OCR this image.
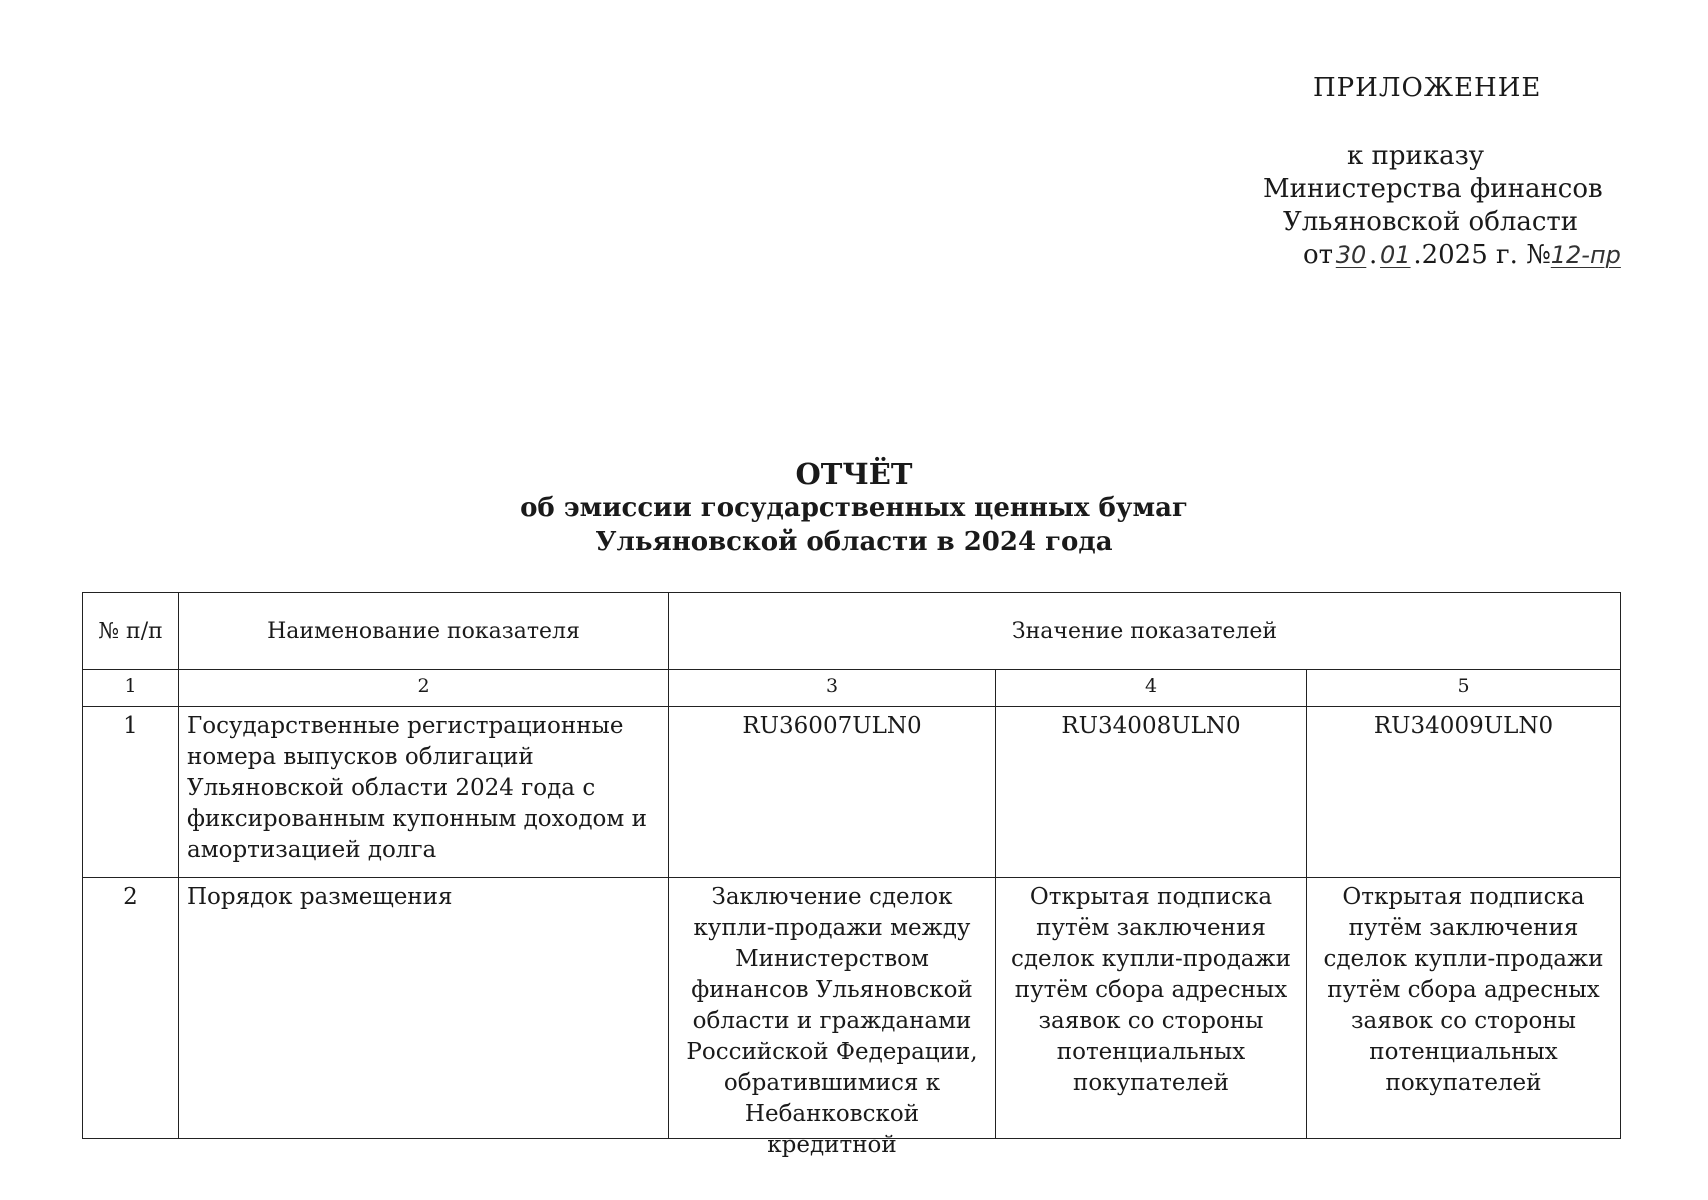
ПРИЛОЖЕНИЕ
к приказу
Министерства финансов
Ульяновской области
от 30 . 01 .2025 г. №12-пр
ОТЧЁТ
об эмиссии государственных ценных бумаг
Ульяновской области в 2024 года
№ п/п	Наименование показателя	Значение показателей		
1	2	3	4	5
1	Государственные регистрационные номера выпусков облигаций Ульяновской области 2024 года с фиксированным купонным доходом и амортизацией долга	RU36007ULN0	RU34008ULN0	RU34009ULN0
2	Порядок размещения	Заключение сделок купли-продажи между Министерством финансов Ульяновской области и гражданами Российской Федерации, обратившимися к Небанковской кредитной	Открытая подписка путём заключения сделок купли-продажи путём сбора адресных заявок со стороны потенциальных покупателей	Открытая подписка путём заключения сделок купли-продажи путём сбора адресных заявок со стороны потенциальных покупателей
